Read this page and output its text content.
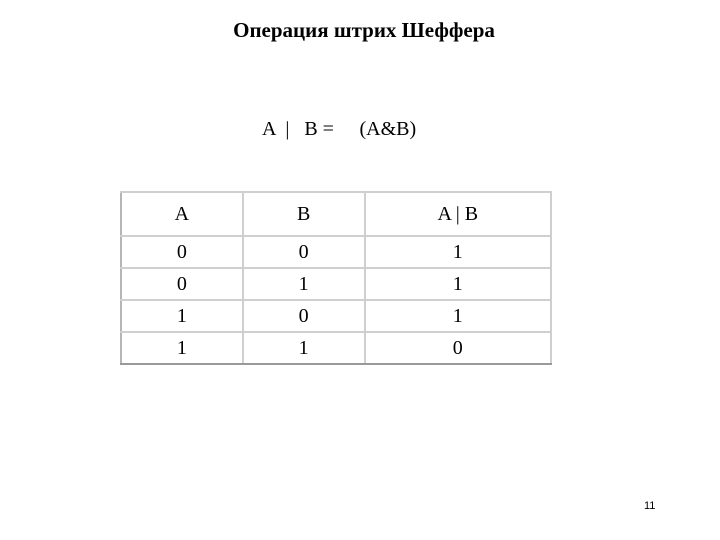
Операция штрих Шеффера
A  |   B =   (A&B)
A	B	A | B
0	0	1
0	1	1
1	0	1
1	1	0
11
